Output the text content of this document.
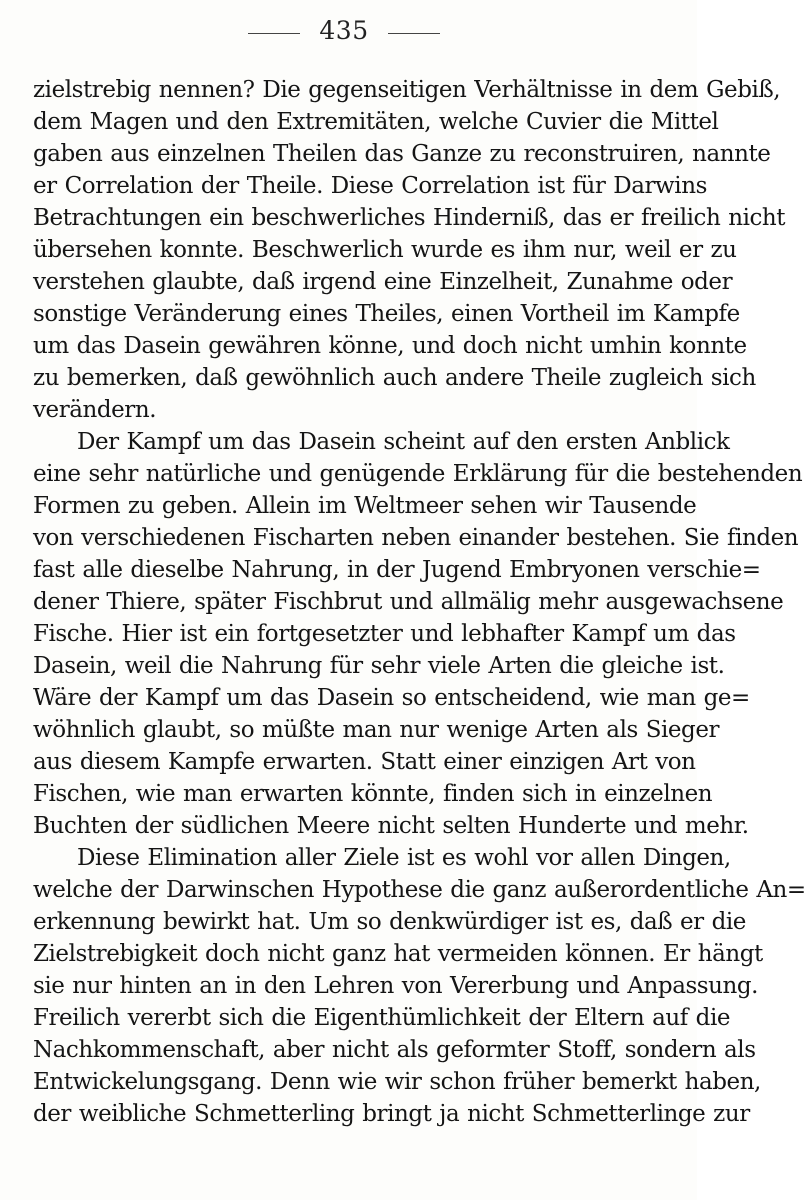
435
zielstrebig nennen? Die gegenseitigen Verhältnisse in dem Gebiß,
dem Magen und den Extremitäten, welche Cuvier die Mittel
gaben aus einzelnen Theilen das Ganze zu reconstruiren, nannte
er Correlation der Theile. Diese Correlation ist für Darwins
Betrachtungen ein beschwerliches Hinderniß, das er freilich nicht
übersehen konnte. Beschwerlich wurde es ihm nur, weil er zu
verstehen glaubte, daß irgend eine Einzelheit, Zunahme oder
sonstige Veränderung eines Theiles, einen Vortheil im Kampfe
um das Dasein gewähren könne, und doch nicht umhin konnte
zu bemerken, daß gewöhnlich auch andere Theile zugleich sich
verändern.
Der Kampf um das Dasein scheint auf den ersten Anblick
eine sehr natürliche und genügende Erklärung für die bestehenden
Formen zu geben. Allein im Weltmeer sehen wir Tausende
von verschiedenen Fischarten neben einander bestehen. Sie finden
fast alle dieselbe Nahrung, in der Jugend Embryonen verschie=
dener Thiere, später Fischbrut und allmälig mehr ausgewachsene
Fische. Hier ist ein fortgesetzter und lebhafter Kampf um das
Dasein, weil die Nahrung für sehr viele Arten die gleiche ist.
Wäre der Kampf um das Dasein so entscheidend, wie man ge=
wöhnlich glaubt, so müßte man nur wenige Arten als Sieger
aus diesem Kampfe erwarten. Statt einer einzigen Art von
Fischen, wie man erwarten könnte, finden sich in einzelnen
Buchten der südlichen Meere nicht selten Hunderte und mehr.
Diese Elimination aller Ziele ist es wohl vor allen Dingen,
welche der Darwinschen Hypothese die ganz außerordentliche An=
erkennung bewirkt hat. Um so denkwürdiger ist es, daß er die
Zielstrebigkeit doch nicht ganz hat vermeiden können. Er hängt
sie nur hinten an in den Lehren von Vererbung und Anpassung.
Freilich vererbt sich die Eigenthümlichkeit der Eltern auf die
Nachkommenschaft, aber nicht als geformter Stoff, sondern als
Entwickelungsgang. Denn wie wir schon früher bemerkt haben,
der weibliche Schmetterling bringt ja nicht Schmetterlinge zur
